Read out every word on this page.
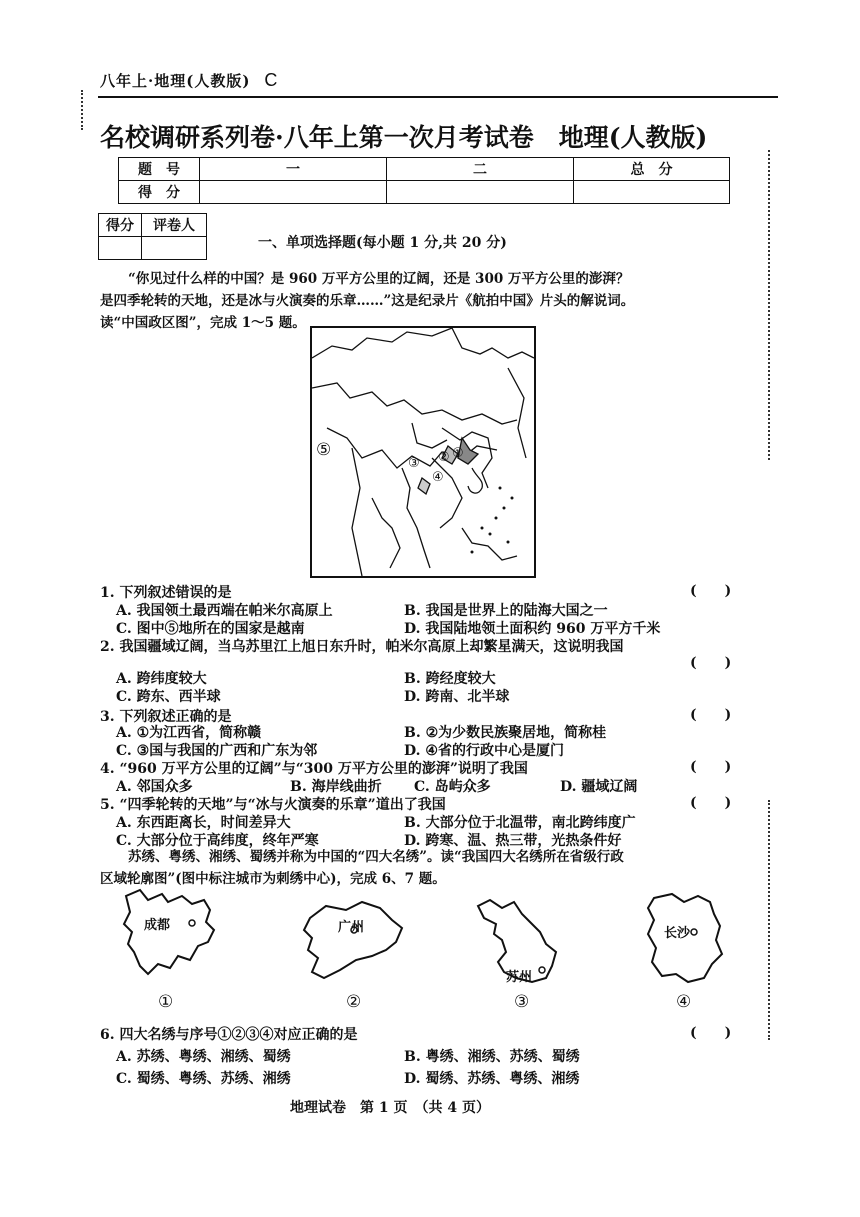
八年上·地理(人教版) C
名校调研系列卷·八年上第一次月考试卷　地理(人教版)
题　号	一	二	总　分
得　分			
得分	评卷人

一、单项选择题(每小题 1 分,共 20 分)
“你见过什么样的中国？是 960 万平方公里的辽阔，还是 300 万平方公里的澎湃？
是四季轮转的天地，还是冰与火演奏的乐章……”这是纪录片《航拍中国》片头的解说词。
读“中国政区图”，完成 1～5 题。
⑤	①
②
③
④
1. 下列叙述错误的是	(　　)
A. 我国领土最西端在帕米尔高原上	B. 我国是世界上的陆海大国之一
C. 图中⑤地所在的国家是越南	D. 我国陆地领土面积约 960 万平方千米
2. 我国疆域辽阔，当乌苏里江上旭日东升时，帕米尔高原上却繁星满天，这说明我国
(　　)
A. 跨纬度较大	B. 跨经度较大
C. 跨东、西半球	D. 跨南、北半球
3. 下列叙述正确的是	(　　)
A. ①为江西省，简称赣	B. ②为少数民族聚居地，简称桂
C. ③国与我国的广西和广东为邻	D. ④省的行政中心是厦门
4. “960 万平方公里的辽阔”与“300 万平方公里的澎湃”说明了我国	(　　)
A. 邻国众多	B. 海岸线曲折 C. 岛屿众多	D. 疆域辽阔
5. “四季轮转的天地”与“冰与火演奏的乐章”道出了我国	(　　)
A. 东西距离长，时间差异大	B. 大部分位于北温带，南北跨纬度广
C. 大部分位于高纬度，终年严寒	D. 跨寒、温、热三带，光热条件好
苏绣、粤绣、湘绣、蜀绣并称为中国的“四大名绣”。读“我国四大名绣所在省级行政
区域轮廓图”(图中标注城市为刺绣中心)，完成 6、7 题。
成都
①
广州
②
苏州
③
长沙
④
6. 四大名绣与序号①②③④对应正确的是	(　　)
A. 苏绣、粤绣、湘绣、蜀绣	B. 粤绣、湘绣、苏绣、蜀绣
C. 蜀绣、粤绣、苏绣、湘绣	D. 蜀绣、苏绣、粤绣、湘绣
地理试卷　第 1 页　（共 4 页）
